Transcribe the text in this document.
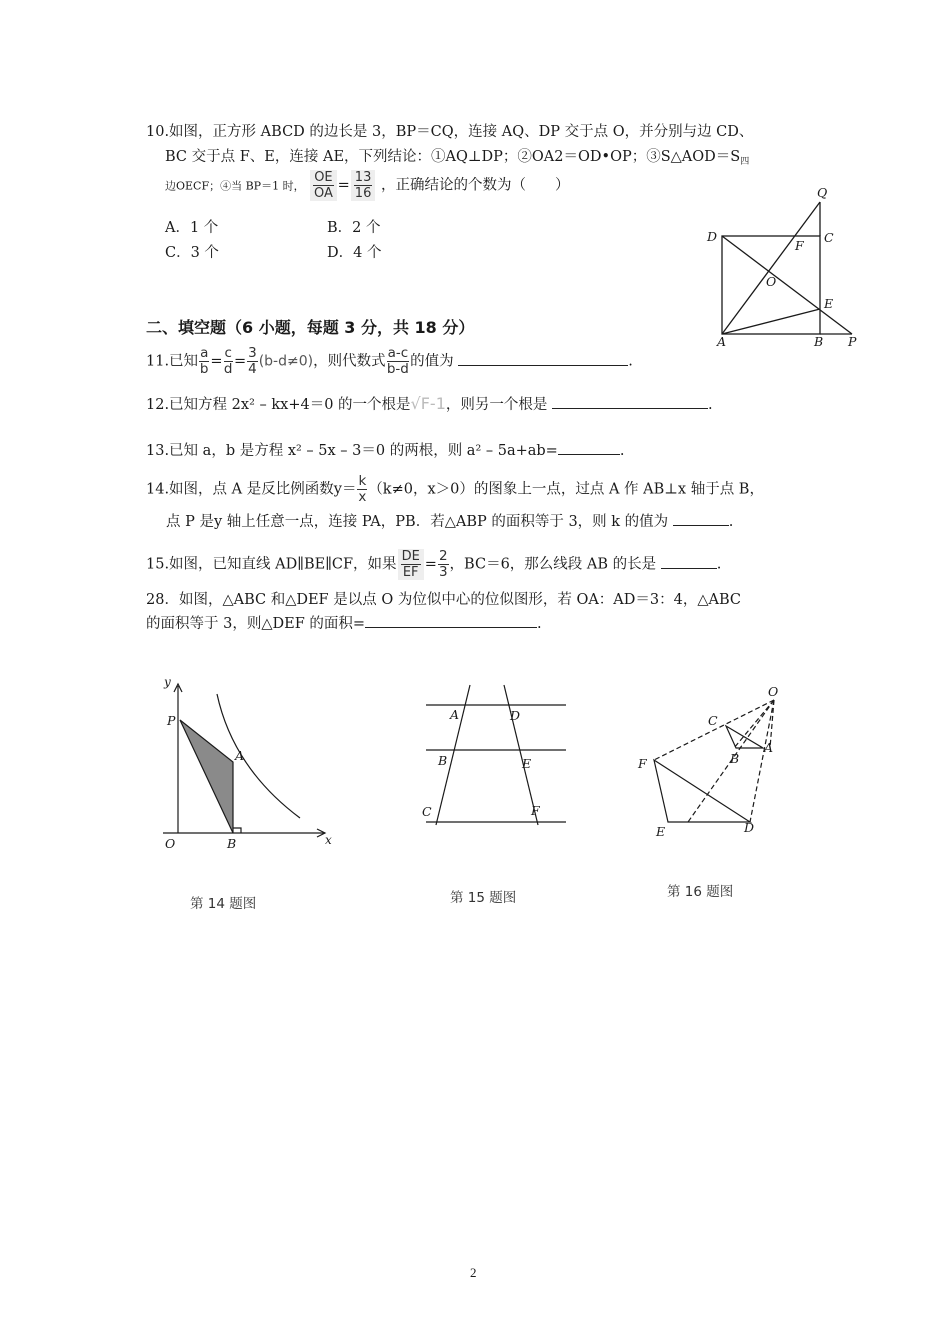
10.如图，正方形 ABCD 的边长是 3，BP＝CQ，连接 AQ、DP 交于点 O，并分别与边 CD、
BC 交于点 F、E，连接 AE，下列结论：①AQ⊥DP；②OA2＝OD•OP；$③S\triangle AOD=S_四$
边OECF；④当 BP＝1 时， $\frac{OE}{OA} = \frac{13}{16}$ ，正确结论的个数为（　　）
A．1 个	B．2 个
C．3 个	D．4 个
Q
D
F
C
O
E
A	B P
二、填空题（6 小题，每题 3 分，共 18 分）
11.已知 $\frac{a}{b} = \frac{c}{d} = \frac{3}{4} (b-d\ne 0)$，则代数式 $\frac{a-c}{b-d}$ 的值为	.
12.已知方程 2x² – kx+4＝0 的一个根是√F-1，则另一个根是	.
13.已知 a，b 是方程 x² – 5x – 3＝0 的两根，则 a² – 5a+ab=	.
14.如图，点 A 是反比例函数$y= \frac{k}{x} (k\ne 0$，x＞0）的图象上一点，过点 A 作 AB⊥x 轴于点 B，
点 P 是y 轴上任意一点，连接 PA，PB．若△ABP 的面积等于 3，则 k 的值为	.
15.如图，已知直线 AD∥BE∥CF，如果 $\frac{DE}{EF} = \frac{2}{3}$ ，BC＝6，那么线段 AB 的长是	.
28．如图，△ABC 和△DEF 是以点 O 为位似中心的位似图形，若 OA：AD＝3：4，△ABC
的面积等于 3，则△DEF 的面积=	.
y
P
A
O	B	x
A	D
B	E
C	F
O
C
B
A
F
E	D
第 14 题图	第 15 题图	第 16 题图
2
